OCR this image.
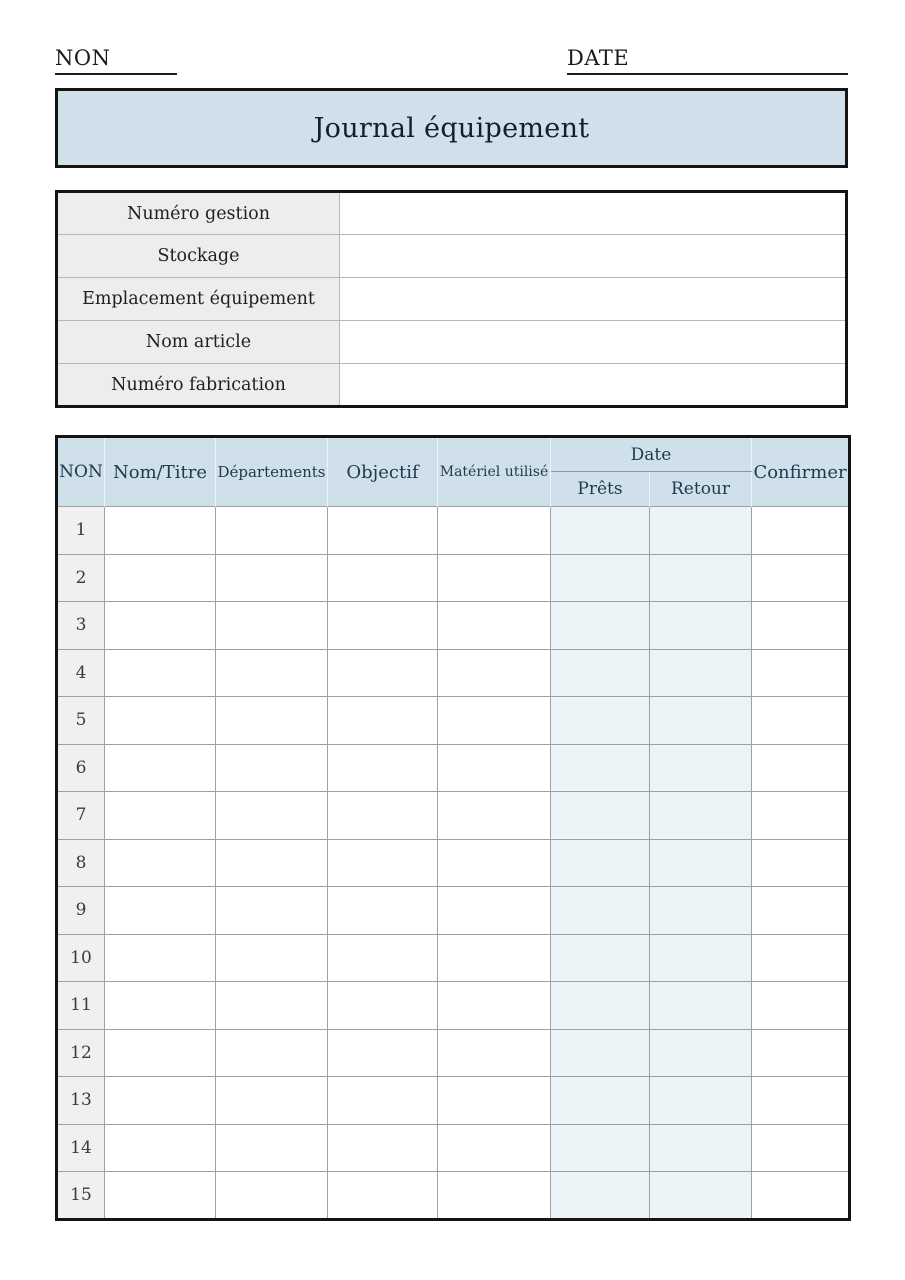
NON	DATE
Journal équipement
Numéro gestion	
Stockage	
Emplacement équipement	
Nom article	
Numéro fabrication	
NON	Nom/Titre	Départements	Objectif	Matériel utilisé	Date		Confirmer
					Prêts	Retour	
1							
2							
3							
4							
5							
6							
7							
8							
9							
10							
11							
12							
13							
14							
15							
